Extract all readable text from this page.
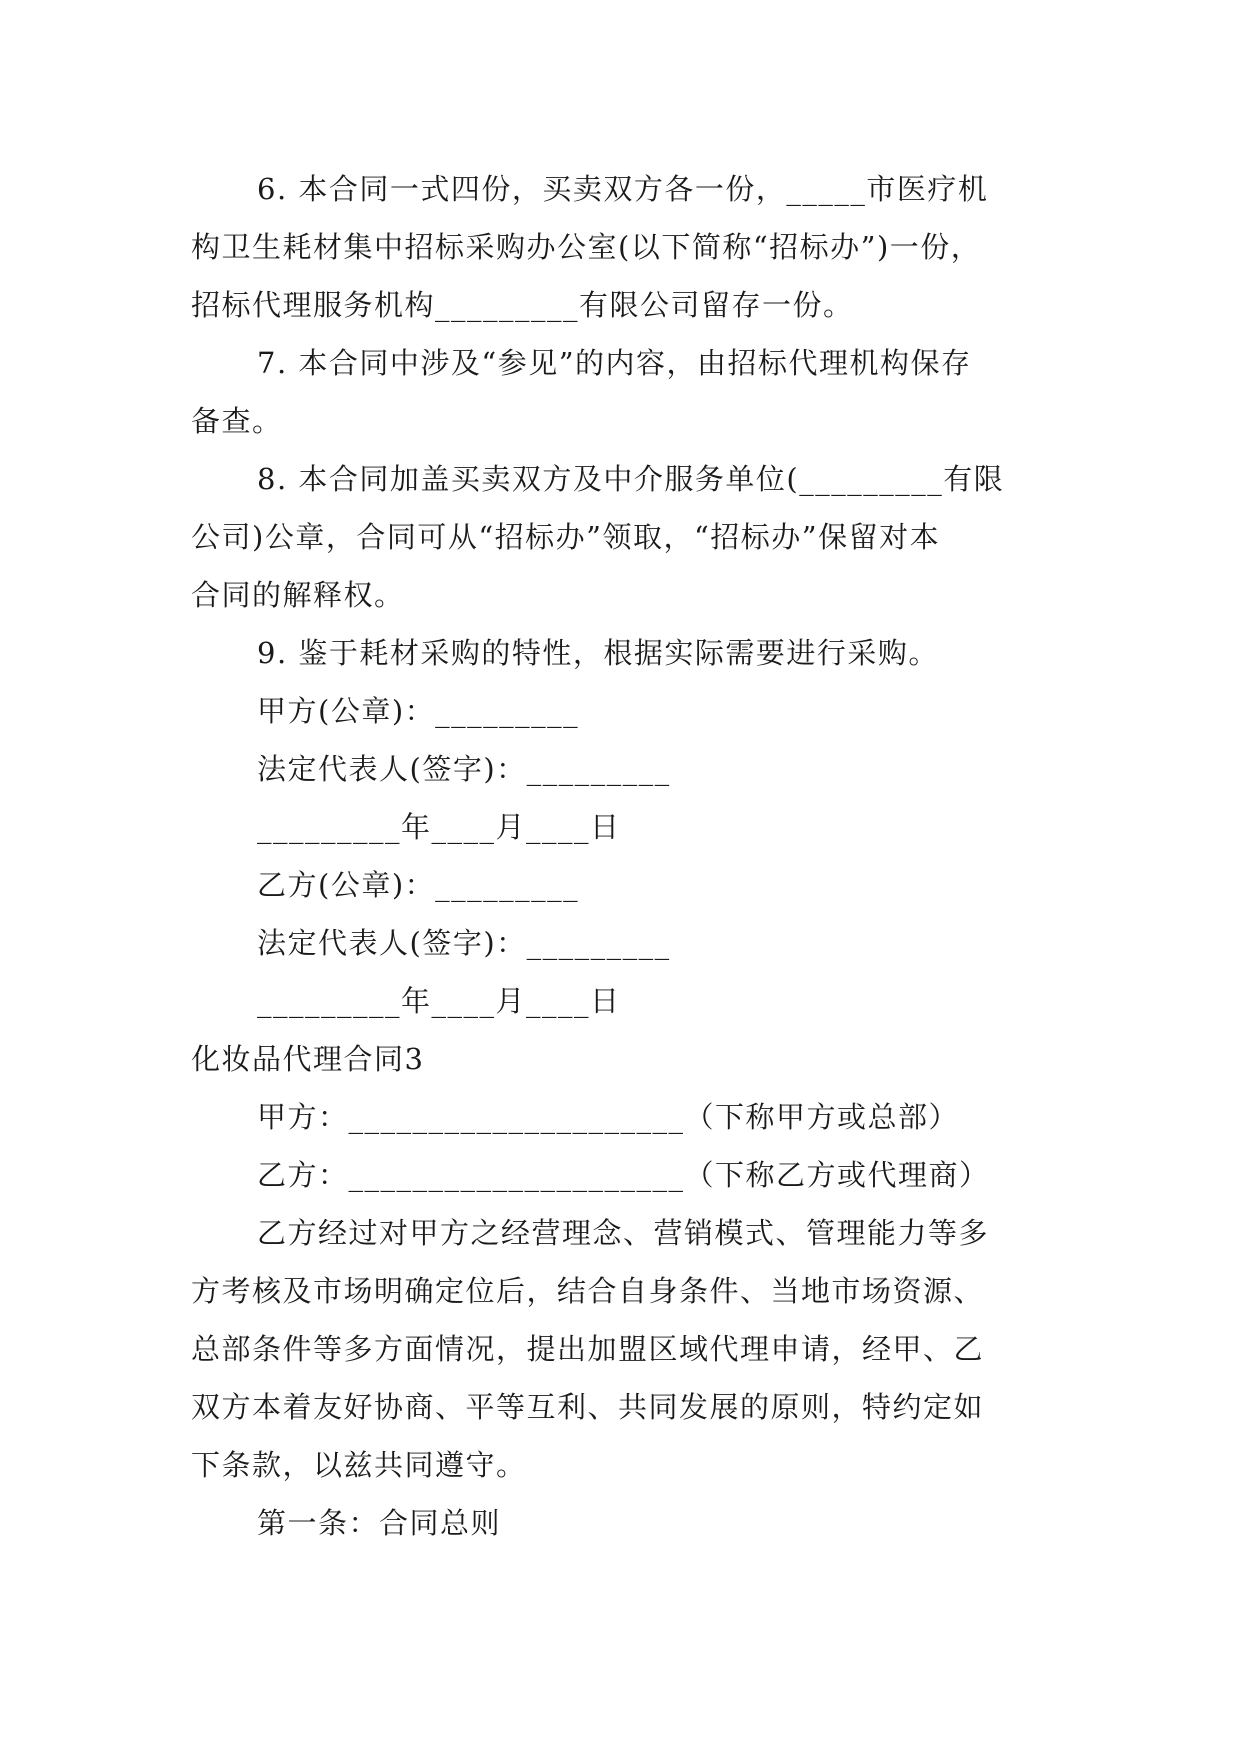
6. 本合同一式四份，买卖双方各一份，_____市医疗机
构卫生耗材集中招标采购办公室(以下简称“招标办”)一份，
招标代理服务机构_________有限公司留存一份。
7. 本合同中涉及“参见”的内容，由招标代理机构保存
备查。
8. 本合同加盖买卖双方及中介服务单位(_________有限
公司)公章，合同可从“招标办”领取，“招标办”保留对本
合同的解释权。
9. 鉴于耗材采购的特性，根据实际需要进行采购。
甲方(公章)：_________
法定代表人(签字)：_________
_________年____月____日
乙方(公章)：_________
法定代表人(签字)：_________
_________年____月____日
化妆品代理合同3
甲方：_____________________（下称甲方或总部）
乙方：_____________________（下称乙方或代理商）
乙方经过对甲方之经营理念、营销模式、管理能力等多
方考核及市场明确定位后，结合自身条件、当地市场资源、
总部条件等多方面情况，提出加盟区域代理申请，经甲、乙
双方本着友好协商、平等互利、共同发展的原则，特约定如
下条款，以兹共同遵守。
第一条：合同总则
